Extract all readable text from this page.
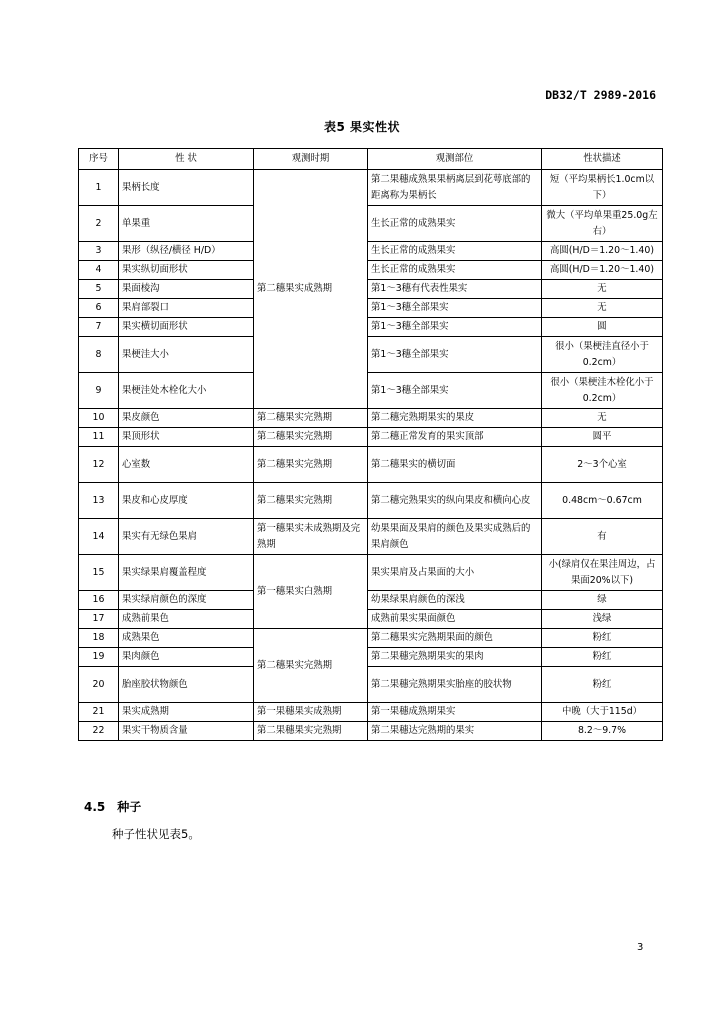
DB32/T 2989-2016
表5 果实性状
序号	性 状	观测时期	观测部位	性状描述
1	果柄长度	第二穗果实成熟期	第二果穗成熟果果柄离层到花萼底部的距离称为果柄长	短（平均果柄长1.0cm以下）
2	单果重		生长正常的成熟果实	微大（平均单果重25.0g左右）
3	果形（纵径/横径 H/D）		生长正常的成熟果实	高圆(H/D＝1.20～1.40)
4	果实纵切面形状		生长正常的成熟果实	高圆(H/D＝1.20～1.40)
5	果面棱沟		第1～3穗有代表性果实	无
6	果肩部裂口		第1～3穗全部果实	无
7	果实横切面形状		第1～3穗全部果实	圆
8	果梗洼大小		第1～3穗全部果实	很小（果梗洼直径小于0.2cm）
9	果梗洼处木栓化大小		第1～3穗全部果实	很小（果梗洼木栓化小于0.2cm）
10	果皮颜色	第二穗果实完熟期	第二穗完熟期果实的果皮	无
11	果顶形状	第二穗果实完熟期	第二穗正常发育的果实顶部	圆平
12	心室数	第二穗果实完熟期	第二穗果实的横切面	2～3个心室
13	果皮和心皮厚度	第二穗果实完熟期	第二穗完熟果实的纵向果皮和横向心皮	0.48cm～0.67cm
14	果实有无绿色果肩	第一穗果实未成熟期及完熟期	幼果果面及果肩的颜色及果实成熟后的果肩颜色	有
15	果实绿果肩覆盖程度	第一穗果实白熟期	果实果肩及占果面的大小	小(绿肩仅在果洼周边，占果面20%以下)
16	果实绿肩颜色的深度		幼果绿果肩颜色的深浅	绿
17	成熟前果色		成熟前果实果面颜色	浅绿
18	成熟果色	第二穗果实完熟期	第二穗果实完熟期果面的颜色	粉红
19	果肉颜色		第二果穗完熟期果实的果肉	粉红
20	胎座胶状物颜色		第二果穗完熟期果实胎座的胶状物	粉红
21	果实成熟期	第一果穗果实成熟期	第一果穗成熟期果实	中晚（大于115d）
22	果实干物质含量	第二果穗果实完熟期	第二果穗达完熟期的果实	8.2～9.7%
4.5 种子
种子性状见表5。
3
